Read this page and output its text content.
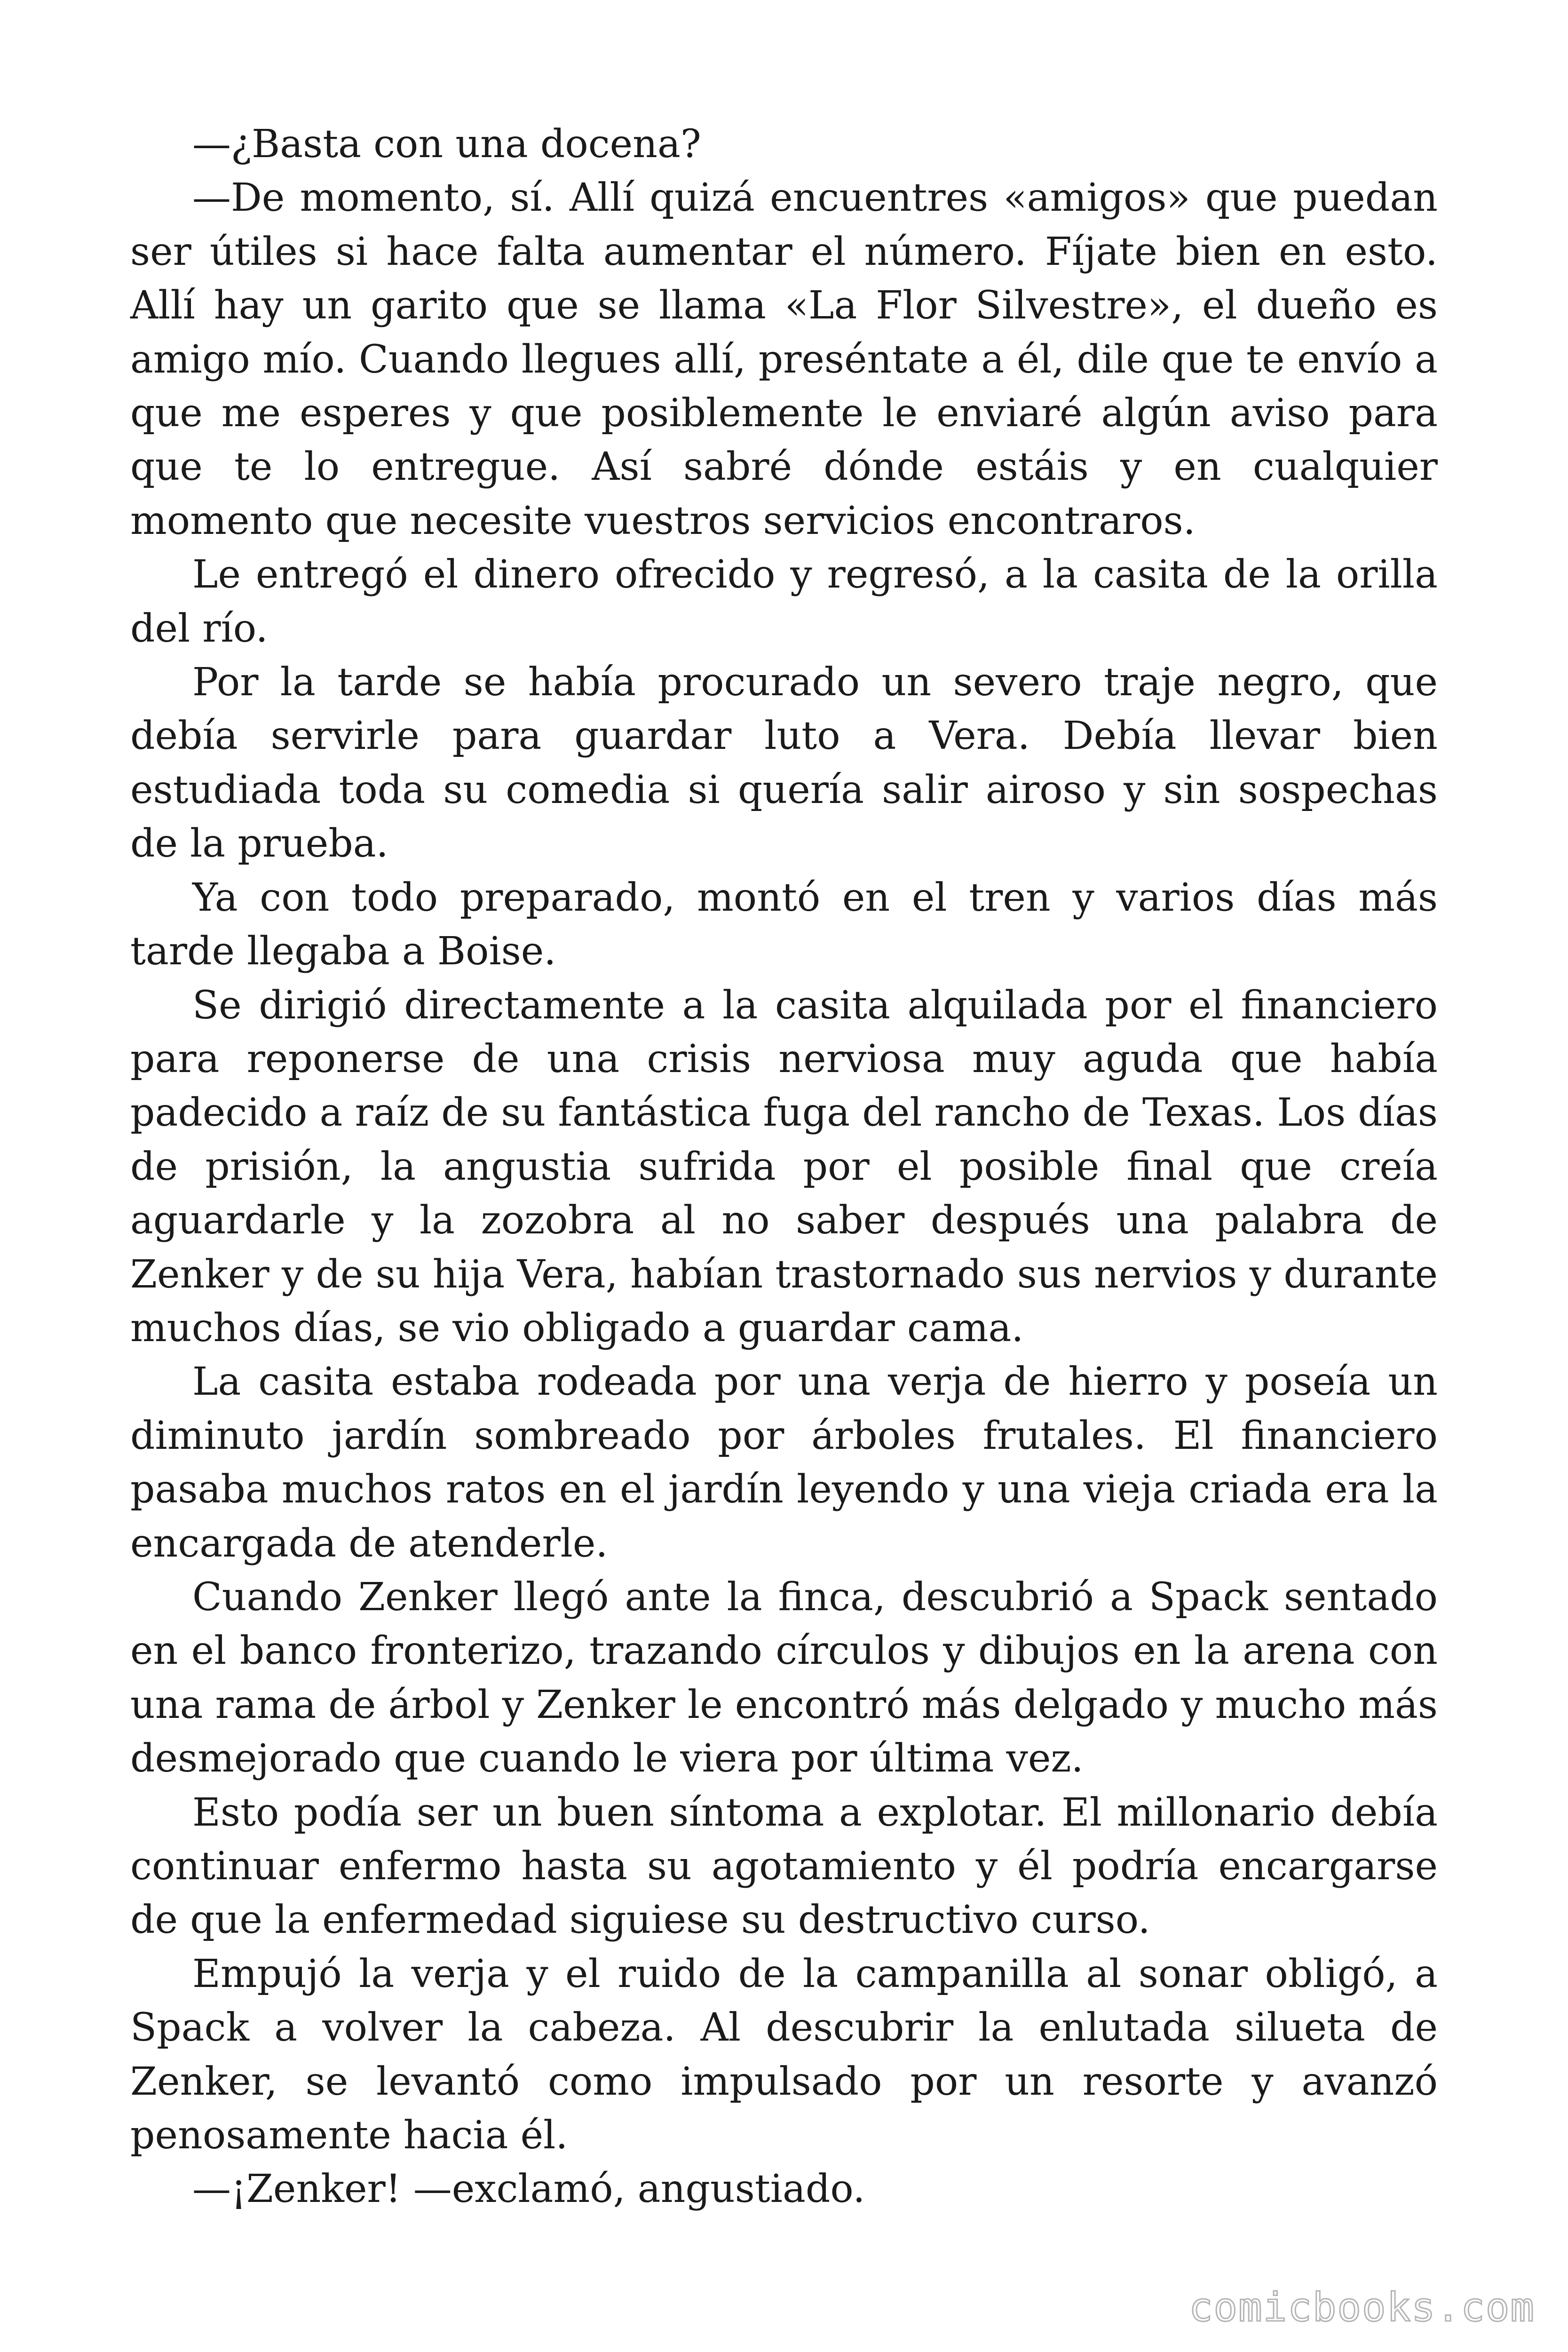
—¿Basta con una docena?

—De momento, sí. Allí quizá encuentres «amigos» que puedan ser útiles si hace falta aumentar el número. Fíjate bien en esto. Allí hay un garito que se llama «La Flor Silvestre», el dueño es amigo mío. Cuando llegues allí, preséntate a él, dile que te envío a que me esperes y que posiblemente le enviaré algún aviso para que te lo entregue. Así sabré dónde estáis y en cualquier momento que necesite vuestros servicios encontraros.

Le entregó el dinero ofrecido y regresó, a la casita de la orilla del río.

Por la tarde se había procurado un severo traje negro, que debía servirle para guardar luto a Vera. Debía llevar bien estudiada toda su comedia si quería salir airoso y sin sospechas de la prueba.

Ya con todo preparado, montó en el tren y varios días más tarde llegaba a Boise.

Se dirigió directamente a la casita alquilada por el financiero para reponerse de una crisis nerviosa muy aguda que había padecido a raíz de su fantástica fuga del rancho de Texas. Los días de prisión, la angustia sufrida por el posible final que creía aguardarle y la zozobra al no saber después una palabra de Zenker y de su hija Vera, habían trastornado sus nervios y durante muchos días, se vio obligado a guardar cama.

La casita estaba rodeada por una verja de hierro y poseía un diminuto jardín sombreado por árboles frutales. El financiero pasaba muchos ratos en el jardín leyendo y una vieja criada era la encargada de atenderle.

Cuando Zenker llegó ante la finca, descubrió a Spack sentado en el banco fronterizo, trazando círculos y dibujos en la arena con una rama de árbol y Zenker le encontró más delgado y mucho más desmejorado que cuando le viera por última vez.

Esto podía ser un buen síntoma a explotar. El millonario debía continuar enfermo hasta su agotamiento y él podría encargarse de que la enfermedad siguiese su destructivo curso.

Empujó la verja y el ruido de la campanilla al sonar obligó, a Spack a volver la cabeza. Al descubrir la enlutada silueta de Zenker, se levantó como impulsado por un resorte y avanzó penosamente hacia él.

—¡Zenker! —exclamó, angustiado.

comicbooks.com
